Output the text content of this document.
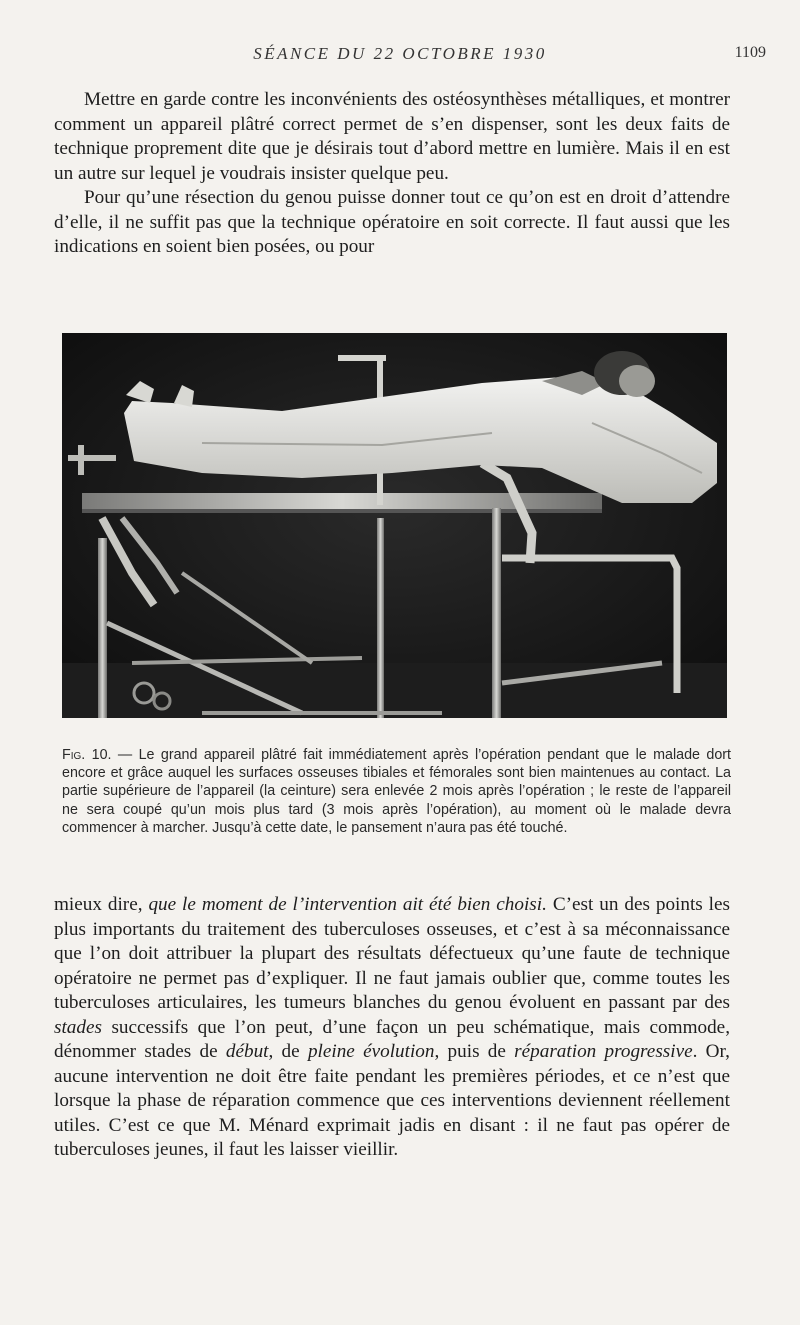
SÉANCE DU 22 OCTOBRE 1930	1109

Mettre en garde contre les inconvénients des ostéosynthèses métalliques, et montrer comment un appareil plâtré correct permet de s’en dispenser, sont les deux faits de technique proprement dite que je désirais tout d’abord mettre en lumière. Mais il en est un autre sur lequel je voudrais insister quelque peu.

Pour qu’une résection du genou puisse donner tout ce qu’on est en droit d’attendre d’elle, il ne suffit pas que la technique opératoire en soit correcte. Il faut aussi que les indications en soient bien posées, ou pour

Fig. 10. — Le grand appareil plâtré fait immédiatement après l’opération pendant que le malade dort encore et grâce auquel les surfaces osseuses tibiales et fémorales sont bien maintenues au contact. La partie supérieure de l’appareil (la ceinture) sera enlevée 2 mois après l’opération ; le reste de l’appareil ne sera coupé qu’un mois plus tard (3 mois après l’opération), au moment où le malade devra commencer à marcher. Jusqu’à cette date, le pansement n’aura pas été touché.

mieux dire, que le moment de l’intervention ait été bien choisi. C’est un des points les plus importants du traitement des tuberculoses osseuses, et c’est à sa méconnaissance que l’on doit attribuer la plupart des résultats défectueux qu’une faute de technique opératoire ne permet pas d’expliquer. Il ne faut jamais oublier que, comme toutes les tuberculoses articulaires, les tumeurs blanches du genou évoluent en passant par des stades successifs que l’on peut, d’une façon un peu schématique, mais commode, dénommer stades de début, de pleine évolution, puis de réparation progressive. Or, aucune intervention ne doit être faite pendant les premières périodes, et ce n’est que lorsque la phase de réparation commence que ces interventions deviennent réellement utiles. C’est ce que M. Ménard exprimait jadis en disant : il ne faut pas opérer de tuberculoses jeunes, il faut les laisser vieillir.
